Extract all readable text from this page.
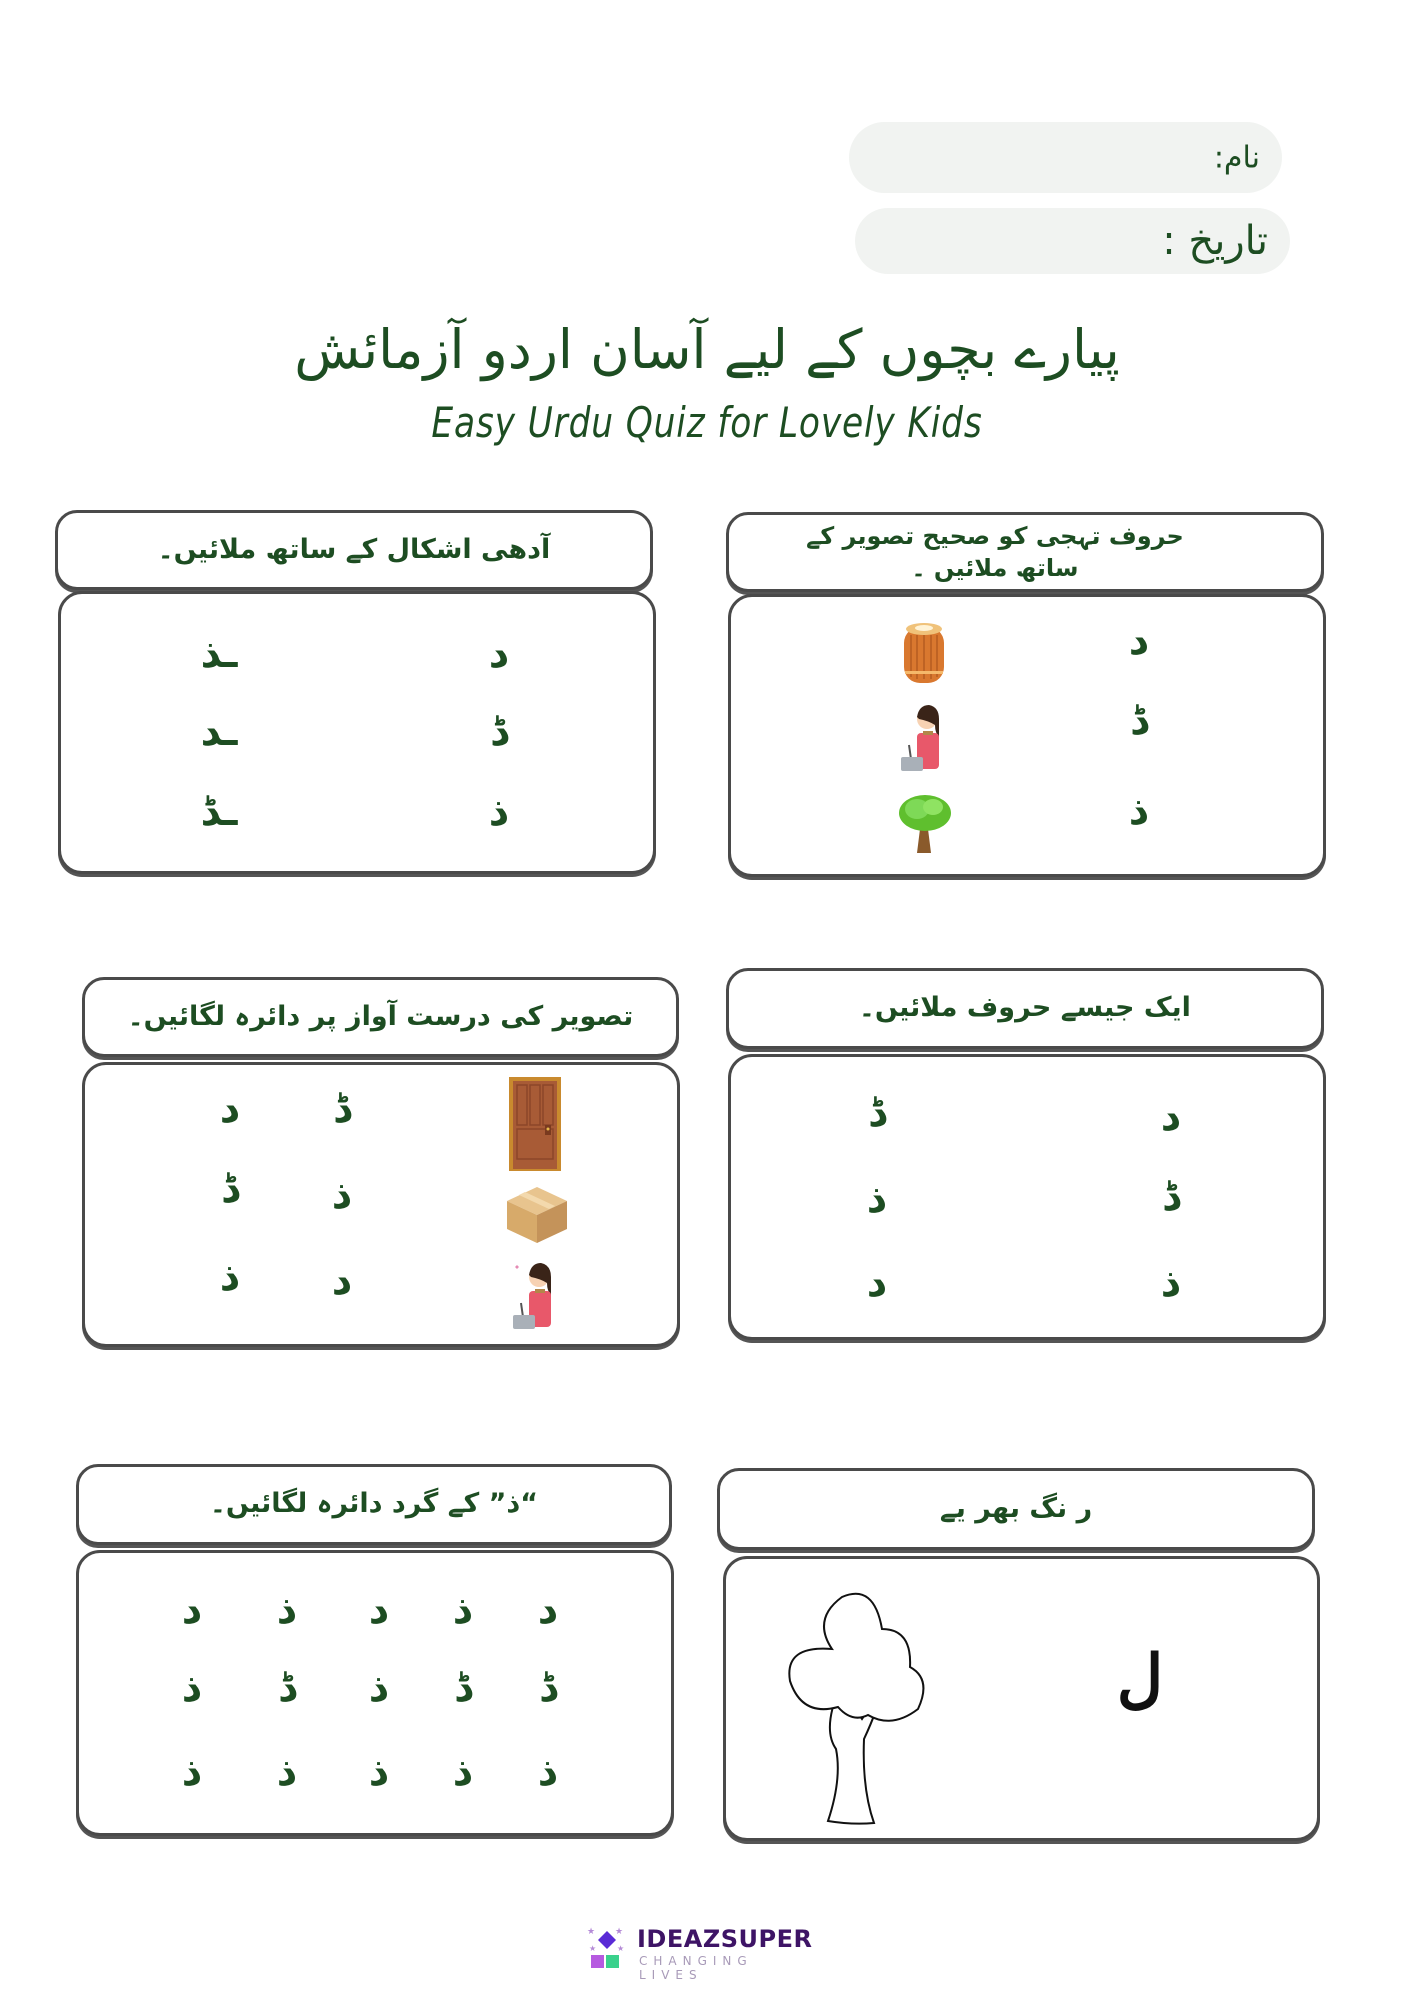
نام:
تاریخ :
پیارے بچوں کے لیے آسان اردو آزمائش
Easy Urdu Quiz for Lovely Kids
آدھی اشکال کے ساتھ ملائیں۔
د
ڈ
ذ
ـذ
ـد
ـڈ
حروف تہجی کو صحیح تصویر کے
ساتھ ملائیں ۔
د
ڈ
ذ
تصویر کی درست آواز پر دائرہ لگائیں۔
ڈ
د
ذ
ڈ
د
ذ
ایک جیسے حروف ملائیں۔
د
ڈ
ذ
ڈ
ذ
د
“ذ” کے گرد دائرہ لگائیں۔
د
ذ
د
ذ
د
ڈ
ڈ
ذ
ڈ
ذ
ذ
ذ
ذ
ذ
ذ
ر نگ بھر یے
ل
★ ★
★	★ IDEAZSUPER
CHANGING LIVES
